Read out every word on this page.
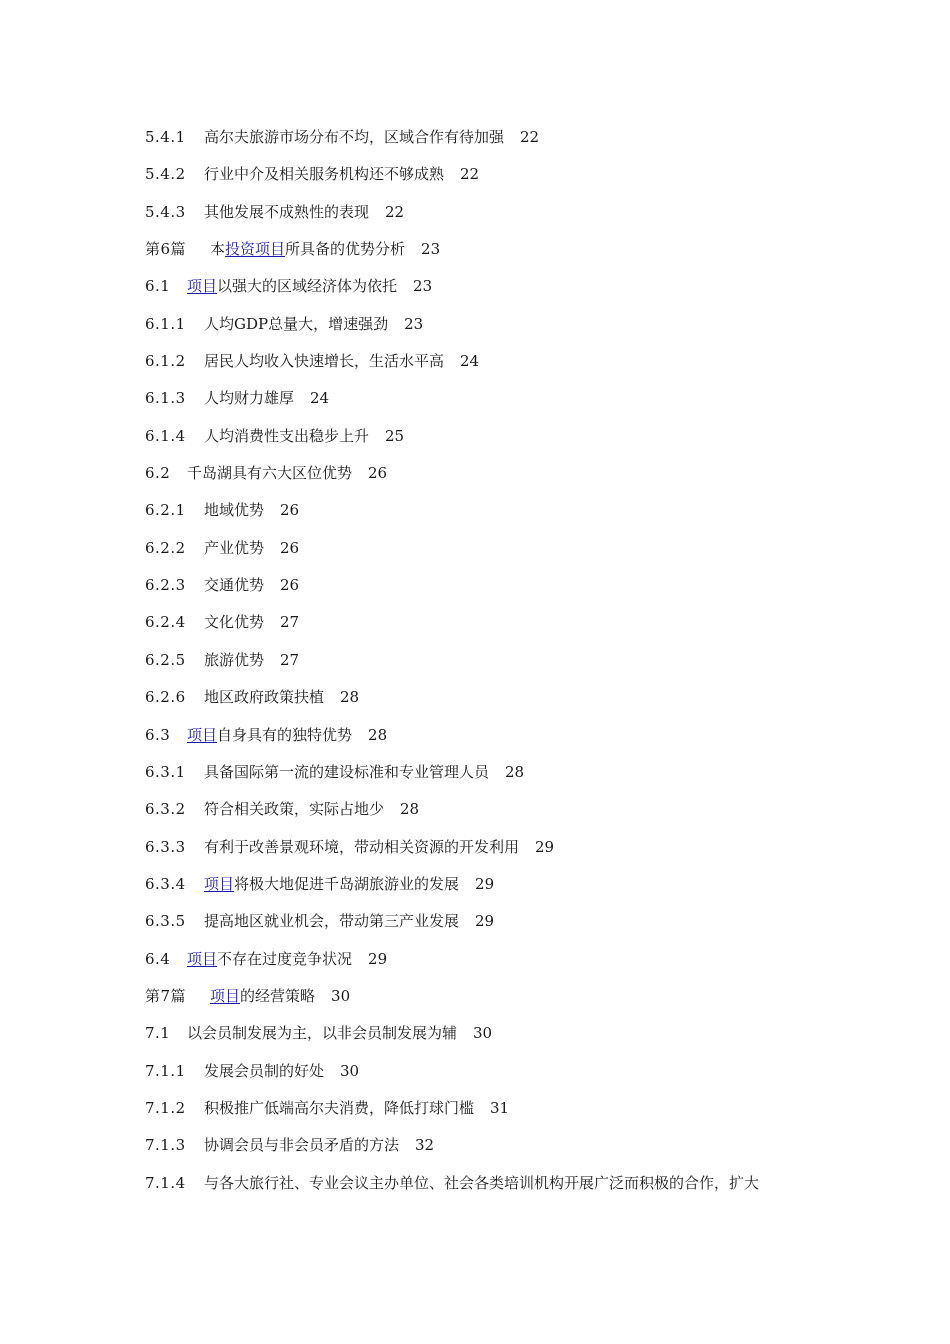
5.4.1 高尔夫旅游市场分布不均，区域合作有待加强 22
5.4.2 行业中介及相关服务机构还不够成熟 22
5.4.3 其他发展不成熟性的表现 22
第6篇 本投资项目所具备的优势分析 23
6.1 项目以强大的区域经济体为依托 23
6.1.1 人均GDP总量大，增速强劲 23
6.1.2 居民人均收入快速增长，生活水平高 24
6.1.3 人均财力雄厚 24
6.1.4 人均消费性支出稳步上升 25
6.2 千岛湖具有六大区位优势 26
6.2.1 地域优势 26
6.2.2 产业优势 26
6.2.3 交通优势 26
6.2.4 文化优势 27
6.2.5 旅游优势 27
6.2.6 地区政府政策扶植 28
6.3 项目自身具有的独特优势 28
6.3.1 具备国际第一流的建设标准和专业管理人员 28
6.3.2 符合相关政策，实际占地少 28
6.3.3 有利于改善景观环境，带动相关资源的开发利用 29
6.3.4 项目将极大地促进千岛湖旅游业的发展 29
6.3.5 提高地区就业机会，带动第三产业发展 29
6.4 项目不存在过度竞争状况 29
第7篇 项目的经营策略 30
7.1 以会员制发展为主，以非会员制发展为辅 30
7.1.1 发展会员制的好处 30
7.1.2 积极推广低端高尔夫消费，降低打球门槛 31
7.1.3 协调会员与非会员矛盾的方法 32
7.1.4 与各大旅行社、专业会议主办单位、社会各类培训机构开展广泛而积极的合作，扩大
